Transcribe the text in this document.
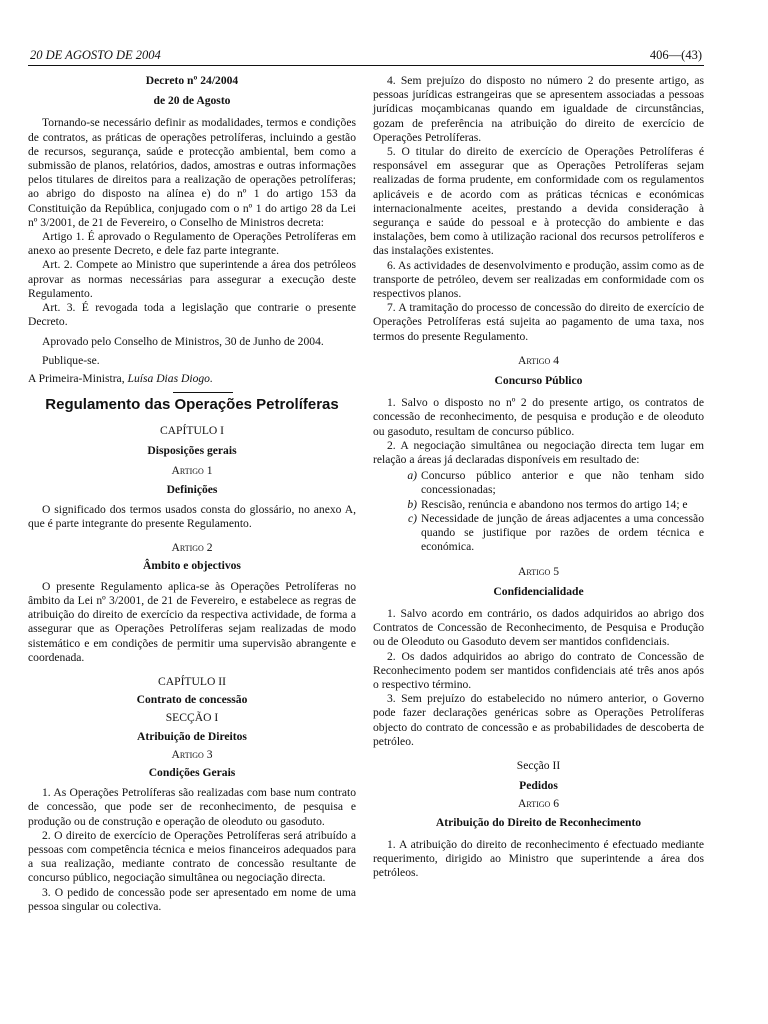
20 DE AGOSTO DE 2004	406—(43)

Decreto nº 24/2004

de 20 de Agosto

Tornando-se necessário definir as modalidades, termos e condições de contratos, as práticas de operações petrolíferas, incluindo a gestão de recursos, segurança, saúde e protecção ambiental, bem como a submissão de planos, relatórios, dados, amostras e outras informações pelos titulares de direitos para a realização de operações petrolíferas; ao abrigo do disposto na alínea e) do nº 1 do artigo 153 da Constituição da República, conjugado com o nº 1 do artigo 28 da Lei nº 3/2001, de 21 de Fevereiro, o Conselho de Ministros decreta:

Artigo 1. É aprovado o Regulamento de Operações Petrolíferas em anexo ao presente Decreto, e dele faz parte integrante.

Art. 2. Compete ao Ministro que superintende a área dos petróleos aprovar as normas necessárias para assegurar a execução deste Regulamento.

Art. 3. É revogada toda a legislação que contrarie o presente Decreto.

Aprovado pelo Conselho de Ministros, 30 de Junho de 2004.

Publique-se.

A Primeira-Ministra, Luísa Dias Diogo.

Regulamento das Operações Petrolíferas

CAPÍTULO I

Disposições gerais

Artigo 1

Definições

O significado dos termos usados consta do glossário, no anexo A, que é parte integrante do presente Regulamento.

Artigo 2

Âmbito e objectivos

O presente Regulamento aplica-se às Operações Petrolíferas no âmbito da Lei nº 3/2001, de 21 de Fevereiro, e estabelece as regras de atribuição do direito de exercício da respectiva actividade, de forma a assegurar que as Operações Petrolíferas sejam realizadas de modo sistemático e em condições de permitir uma supervisão abrangente e coordenada.

CAPÍTULO II

Contrato de concessão

SECÇÃO I

Atribuição de Direitos

Artigo 3

Condições Gerais

1. As Operações Petrolíferas são realizadas com base num contrato de concessão, que pode ser de reconhecimento, de pesquisa e produção ou de construção e operação de oleoduto ou gasoduto.

2. O direito de exercício de Operações Petrolíferas será atribuído a pessoas com competência técnica e meios financeiros adequados para a sua realização, mediante contrato de concessão resultante de concurso público, negociação simultânea ou negociação directa.

3. O pedido de concessão pode ser apresentado em nome de uma pessoa singular ou colectiva.

4. Sem prejuízo do disposto no número 2 do presente artigo, as pessoas jurídicas estrangeiras que se apresentem associadas a pessoas jurídicas moçambicanas quando em igualdade de circunstâncias, gozam de preferência na atribuição do direito de exercício de Operações Petrolíferas.

5. O titular do direito de exercício de Operações Petrolíferas é responsável em assegurar que as Operações Petrolíferas sejam realizadas de forma prudente, em conformidade com os regulamentos aplicáveis e de acordo com as práticas técnicas e económicas internacionalmente aceites, prestando a devida consideração à segurança e saúde do pessoal e à protecção do ambiente e das instalações, bem como à utilização racional dos recursos petrolíferos e das instalações existentes.

6. As actividades de desenvolvimento e produção, assim como as de transporte de petróleo, devem ser realizadas em conformidade com os respectivos planos.

7. A tramitação do processo de concessão do direito de exercício de Operações Petrolíferas está sujeita ao pagamento de uma taxa, nos termos do presente Regulamento.

Artigo 4

Concurso Público

1. Salvo o disposto no nº 2 do presente artigo, os contratos de concessão de reconhecimento, de pesquisa e produção e de oleoduto ou gasoduto, resultam de concurso público.

2. A negociação simultânea ou negociação directa tem lugar em relação a áreas já declaradas disponíveis em resultado de:

a) Concurso público anterior e que não tenham sido concessionadas;
b) Rescisão, renúncia e abandono nos termos do artigo 14; e
c) Necessidade de junção de áreas adjacentes a uma concessão quando se justifique por razões de ordem técnica e económica.

Artigo 5

Confidencialidade

1. Salvo acordo em contrário, os dados adquiridos ao abrigo dos Contratos de Concessão de Reconhecimento, de Pesquisa e Produção ou de Oleoduto ou Gasoduto devem ser mantidos confidenciais.

2. Os dados adquiridos ao abrigo do contrato de Concessão de Reconhecimento podem ser mantidos confidenciais até três anos após o respectivo término.

3. Sem prejuízo do estabelecido no número anterior, o Governo pode fazer declarações genéricas sobre as Operações Petrolíferas objecto do contrato de concessão e as probabilidades de descoberta de petróleo.

Secção II

Pedidos

Artigo 6

Atribuição do Direito de Reconhecimento

1. A atribuição do direito de reconhecimento é efectuado mediante requerimento, dirigido ao Ministro que superintende a área dos petróleos.
